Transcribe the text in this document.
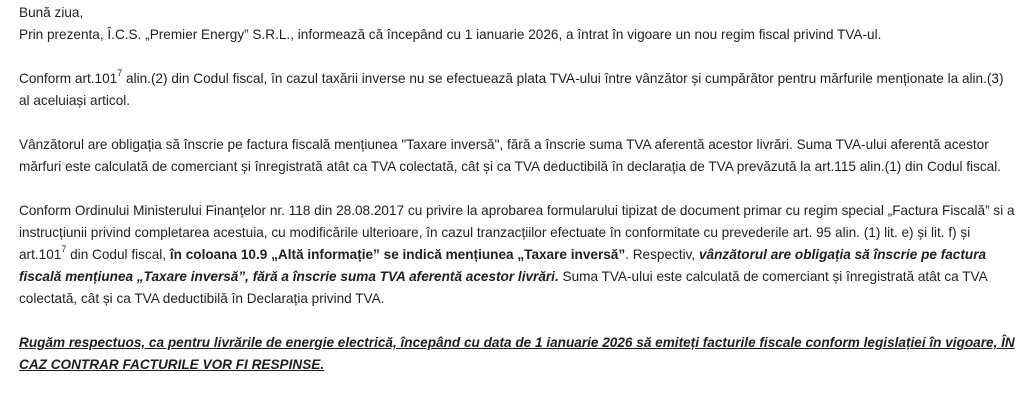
Bună ziua,

Prin prezenta, Î.C.S. „Premier Energy” S.R.L., informează că începând cu 1 ianuarie 2026, a întrat în vigoare un nou regim fiscal privind TVA-ul.

Conform art.101$^7$ alin.(2) din Codul fiscal, în cazul taxării inverse nu se efectuează plata TVA-ului între vânzător și cumpărător pentru mărfurile menționate la alin.(3) al aceluiași articol.

Vânzătorul are obligația să înscrie pe factura fiscală mențiunea "Taxare inversă", fără a înscrie suma TVA aferentă acestor livrări. Suma TVA-ului aferentă acestor mărfuri este calculată de comerciant și înregistrată atât ca TVA colectată, cât și ca TVA deductibilă în declarația de TVA prevăzută la art.115 alin.(1) din Codul fiscal.

Conform Ordinului Ministerului Finanțelor nr. 118 din 28.08.2017 cu privire la aprobarea formularului tipizat de document primar cu regim special „Factura Fiscală” si a instrucțiunii privind completarea acestuia, cu modificările ulterioare, în cazul tranzacțiilor efectuate în conformitate cu prevederile art. 95 alin. (1) lit. e) și lit. f) și art.101$^7$ din Codul fiscal, în coloana 10.9 „Altă informație” se indică mențiunea „Taxare inversă”. Respectiv, vânzătorul are obligația să înscrie pe factura fiscală mențiunea „Taxare inversă”, fără a înscrie suma TVA aferentă acestor livrări. Suma TVA-ului este calculată de comerciant și înregistrată atât ca TVA colectată, cât și ca TVA deductibilă în Declarația privind TVA.

Rugăm respectuos, ca pentru livrările de energie electrică, începând cu data de 1 ianuarie 2026 să emiteți facturile fiscale conform legislației în vigoare, ÎN CAZ CONTRAR FACTURILE VOR FI RESPINSE.
